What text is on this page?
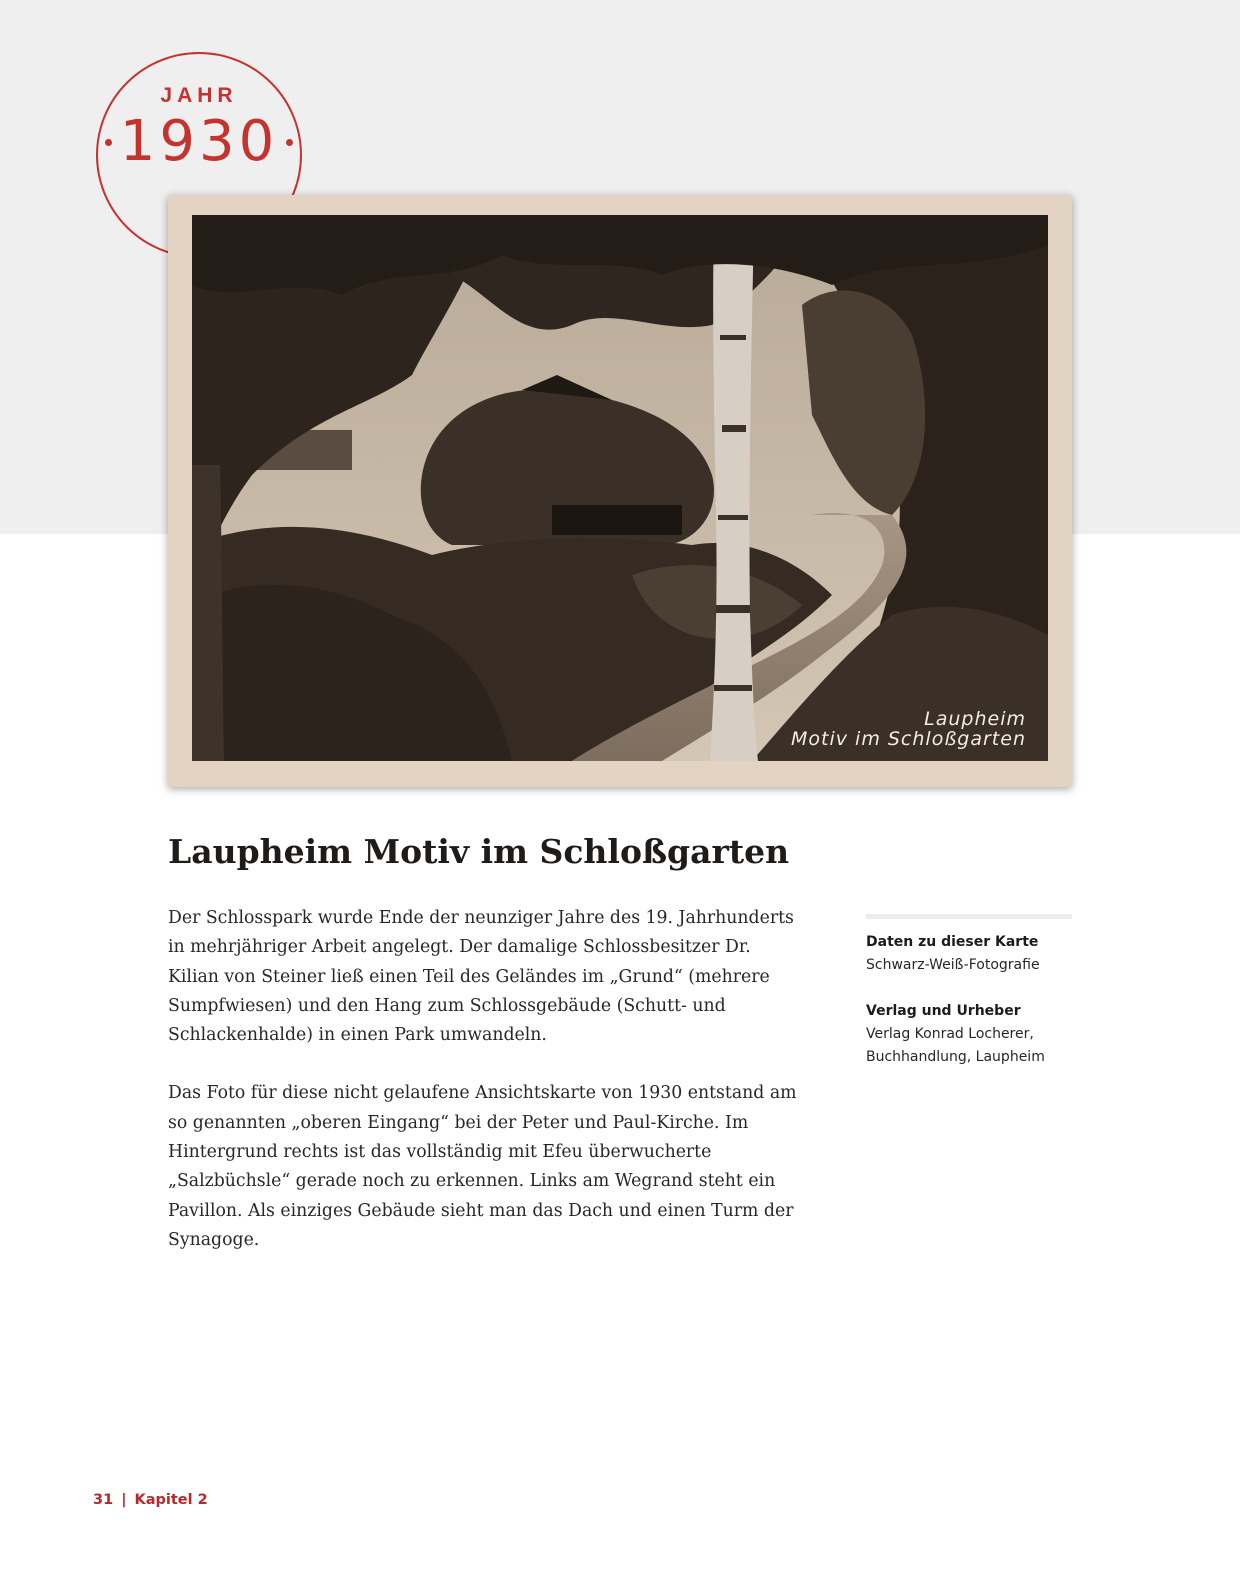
JAHR
1930
Laupheim
Motiv im Schloßgarten
Laupheim Motiv im Schloßgarten

Der Schlosspark wurde Ende der neunziger Jahre des 19. Jahrhunderts in mehrjähriger Arbeit angelegt. Der damalige Schlossbesitzer Dr. Kilian von Steiner ließ einen Teil des Geländes im „Grund“ (mehrere Sumpfwiesen) und den Hang zum Schlossgebäude (Schutt- und Schlackenhalde) in einen Park umwandeln.

Das Foto für diese nicht gelaufene Ansichtskarte von 1930 entstand am so genannten „oberen Eingang“ bei der Peter und Paul-Kirche. Im Hintergrund rechts ist das vollständig mit Efeu überwucherte „Salzbüchsle“ gerade noch zu erkennen. Links am Wegrand steht ein Pavillon. Als einziges Gebäude sieht man das Dach und einen Turm der Synagoge.

Daten zu dieser Karte
Schwarz-Weiß-Fotografie
Verlag und Urheber
Verlag Konrad Locherer,
Buchhandlung, Laupheim
31 | Kapitel 2
